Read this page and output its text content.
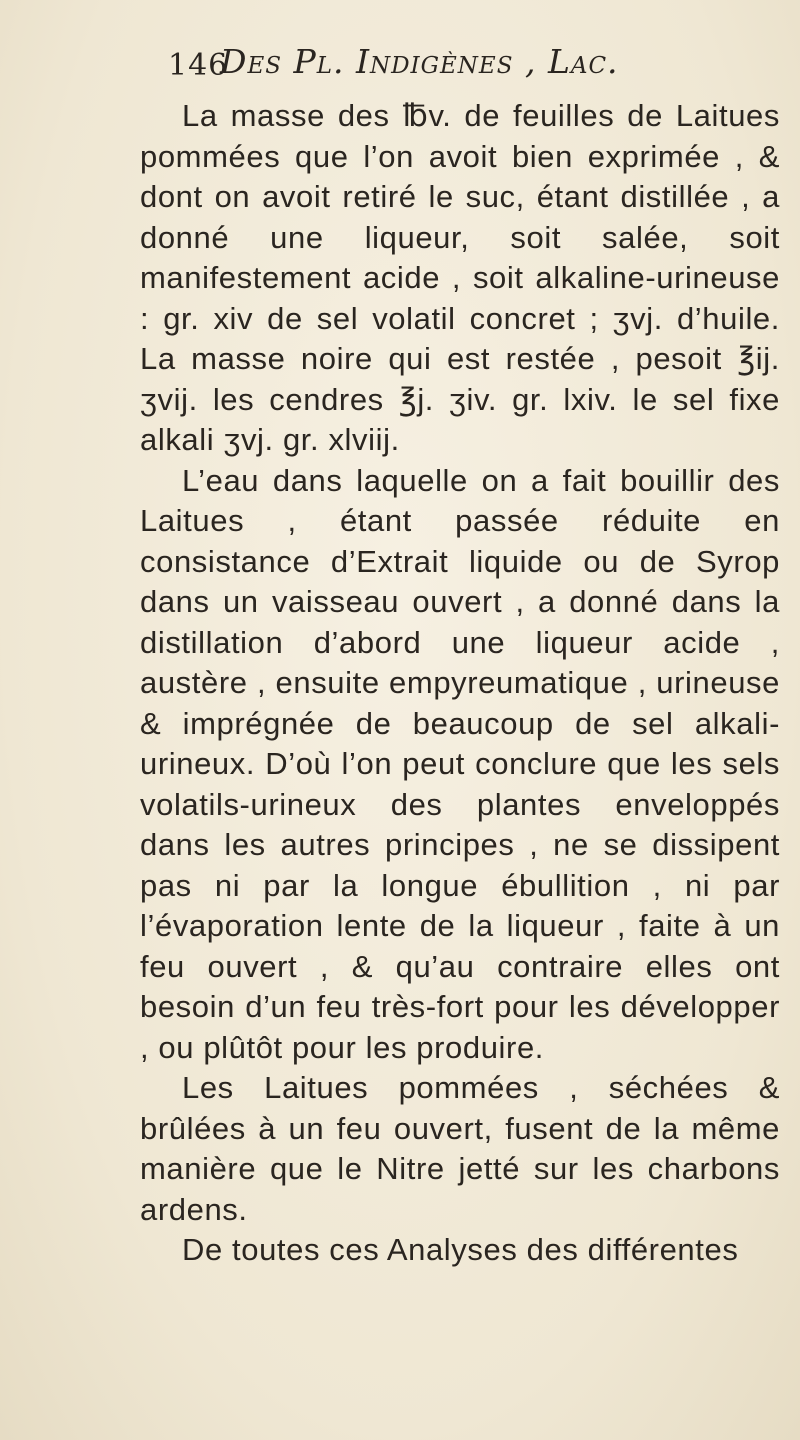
146
Des Pl. Indigènes , Lac.

La masse des ℔v. de feuilles de Laitues pommées que l’on avoit bien exprimée , & dont on avoit retiré le suc, étant distillée , a donné une liqueur, soit salée, soit manifestement acide , soit alkaline-urineuse : gr. xiv de sel volatil concret ; ʒvj. d’huile. La masse noire qui est restée , pesoit ℥ij. ʒvij. les cendres ℥j. ʒiv. gr. lxiv. le sel fixe alkali ʒvj. gr. xlviij.

L’eau dans laquelle on a fait bouillir des Laitues , étant passée réduite en consistance d’Extrait liquide ou de Syrop dans un vaisseau ouvert , a donné dans la distillation d’abord une liqueur acide , austère , ensuite empyreumatique , urineuse & imprégnée de beaucoup de sel alkali-urineux. D’où l’on peut conclure que les sels volatils-urineux des plantes enveloppés dans les autres principes , ne se dissipent pas ni par la longue ébullition , ni par l’évaporation lente de la liqueur , faite à un feu ouvert , & qu’au contraire elles ont besoin d’un feu très-fort pour les développer , ou plûtôt pour les produire.

Les Laitues pommées , séchées & brûlées à un feu ouvert, fusent de la même manière que le Nitre jetté sur les charbons ardens.

De toutes ces Analyses des différentes
